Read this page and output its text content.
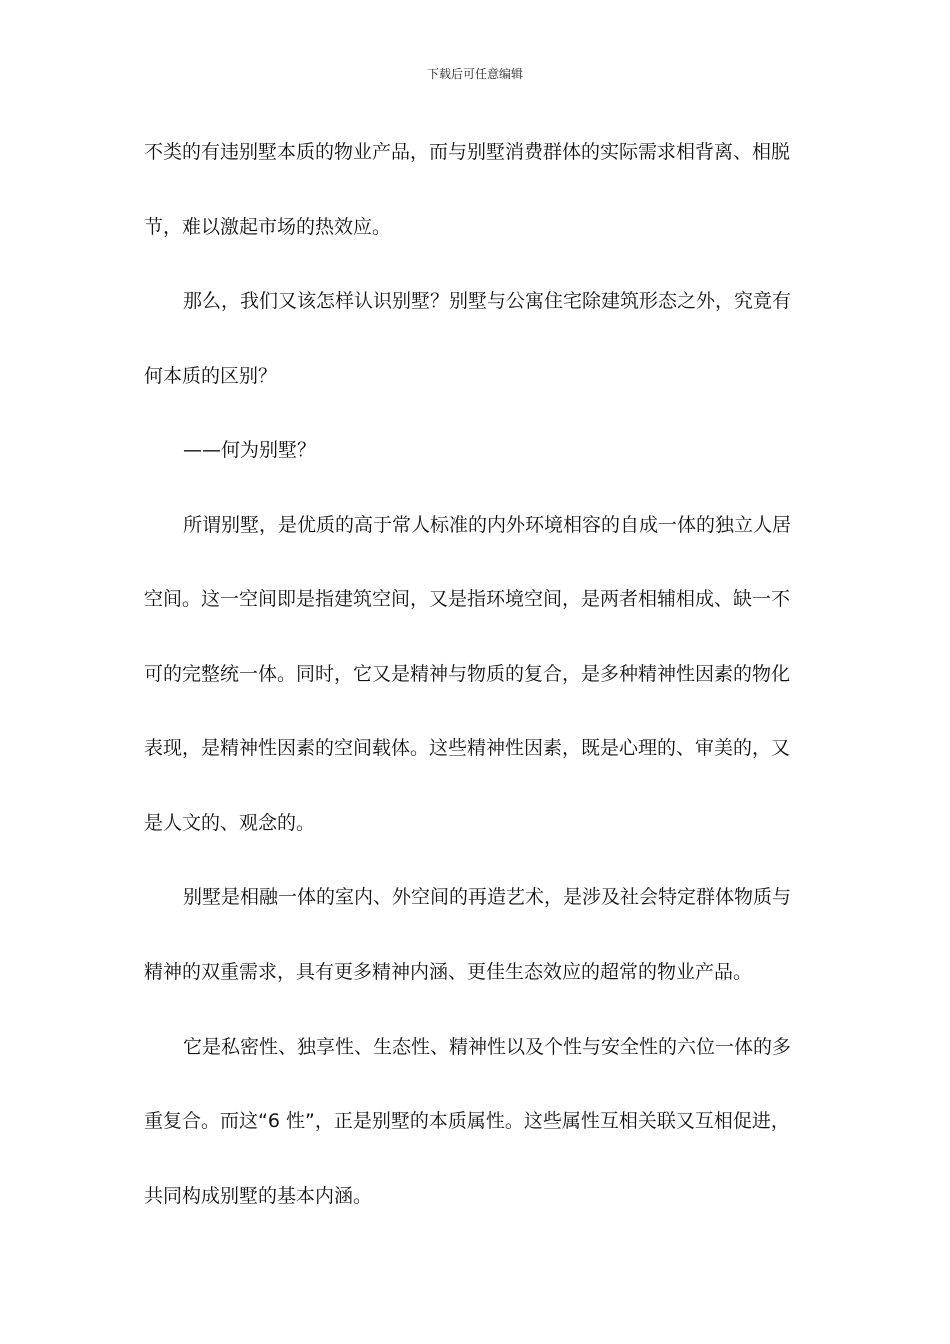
下载后可任意编辑
不类的有违别墅本质的物业产品，而与别墅消费群体的实际需求相背离、相脱
节，难以激起市场的热效应。
那么，我们又该怎样认识别墅？别墅与公寓住宅除建筑形态之外，究竟有
何本质的区别？
——何为别墅？
所谓别墅，是优质的高于常人标准的内外环境相容的自成一体的独立人居
空间。这一空间即是指建筑空间，又是指环境空间，是两者相辅相成、缺一不
可的完整统一体。同时，它又是精神与物质的复合，是多种精神性因素的物化
表现，是精神性因素的空间载体。这些精神性因素，既是心理的、审美的，又
是人文的、观念的。
别墅是相融一体的室内、外空间的再造艺术，是涉及社会特定群体物质与
精神的双重需求，具有更多精神内涵、更佳生态效应的超常的物业产品。
它是私密性、独享性、生态性、精神性以及个性与安全性的六位一体的多
重复合。而这“6 性”，正是别墅的本质属性。这些属性互相关联又互相促进，
共同构成别墅的基本内涵。
